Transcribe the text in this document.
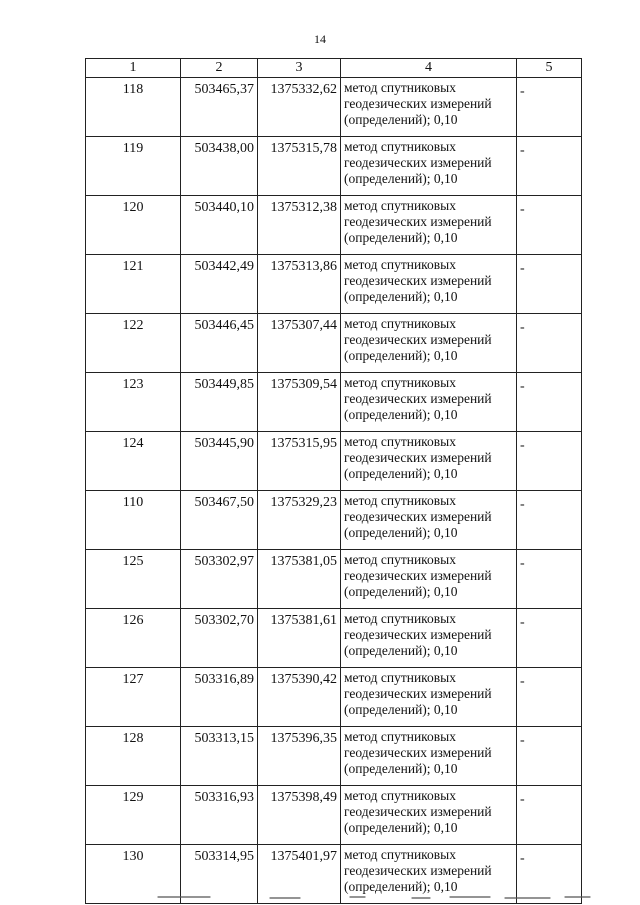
14
1	2	3	4	5
118	503465,37	1375332,62	метод спутниковых геодезических измерений (определений); 0,10	-
119	503438,00	1375315,78	метод спутниковых геодезических измерений (определений); 0,10	-
120	503440,10	1375312,38	метод спутниковых геодезических измерений (определений); 0,10	-
121	503442,49	1375313,86	метод спутниковых геодезических измерений (определений); 0,10	-
122	503446,45	1375307,44	метод спутниковых геодезических измерений (определений); 0,10	-
123	503449,85	1375309,54	метод спутниковых геодезических измерений (определений); 0,10	-
124	503445,90	1375315,95	метод спутниковых геодезических измерений (определений); 0,10	-
110	503467,50	1375329,23	метод спутниковых геодезических измерений (определений); 0,10	-
125	503302,97	1375381,05	метод спутниковых геодезических измерений (определений); 0,10	-
126	503302,70	1375381,61	метод спутниковых геодезических измерений (определений); 0,10	-
127	503316,89	1375390,42	метод спутниковых геодезических измерений (определений); 0,10	-
128	503313,15	1375396,35	метод спутниковых геодезических измерений (определений); 0,10	-
129	503316,93	1375398,49	метод спутниковых геодезических измерений (определений); 0,10	-
130	503314,95	1375401,97	метод спутниковых геодезических измерений (определений); 0,10	-
